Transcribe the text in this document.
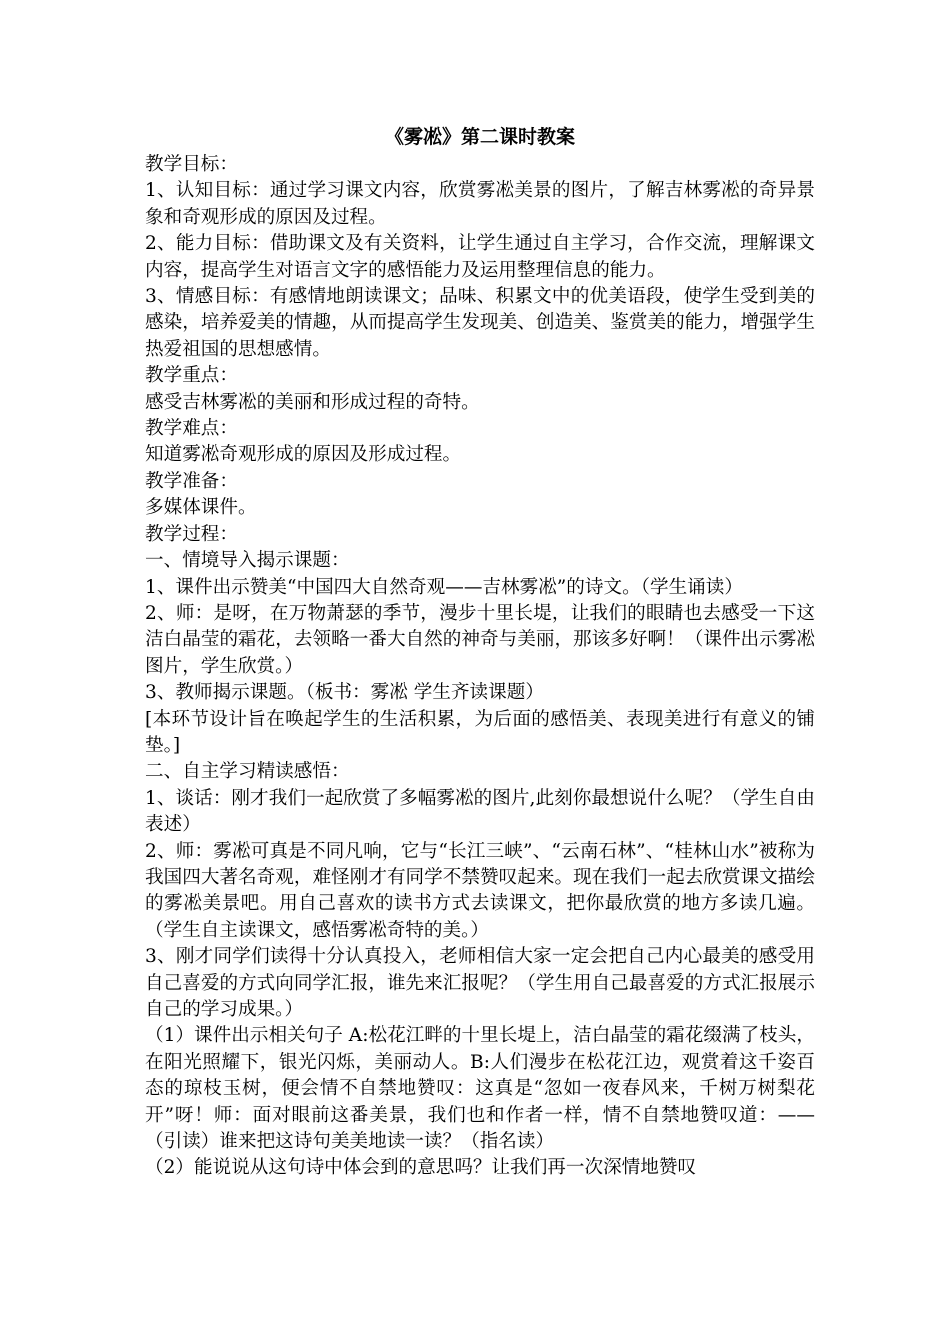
《雾凇》第二课时教案

教学目标：

1、认知目标：通过学习课文内容，欣赏雾凇美景的图片，了解吉林雾凇的奇异景象和奇观形成的原因及过程。

2、能力目标：借助课文及有关资料，让学生通过自主学习，合作交流，理解课文内容，提高学生对语言文字的感悟能力及运用整理信息的能力。

3、情感目标：有感情地朗读课文；品味、积累文中的优美语段，使学生受到美的感染，培养爱美的情趣，从而提高学生发现美、创造美、鉴赏美的能力，增强学生热爱祖国的思想感情。

教学重点：

感受吉林雾凇的美丽和形成过程的奇特。

教学难点：

知道雾凇奇观形成的原因及形成过程。

教学准备：

多媒体课件。

教学过程：

一、情境导入揭示课题：

1、课件出示赞美“中国四大自然奇观——吉林雾凇”的诗文。（学生诵读）

2、师：是呀，在万物萧瑟的季节，漫步十里长堤，让我们的眼睛也去感受一下这洁白晶莹的霜花，去领略一番大自然的神奇与美丽，那该多好啊！（课件出示雾凇图片，学生欣赏。）

3、教师揭示课题。（板书：雾凇 学生齐读课题）

[本环节设计旨在唤起学生的生活积累，为后面的感悟美、表现美进行有意义的铺垫。]

二、自主学习精读感悟：

1、谈话：刚才我们一起欣赏了多幅雾凇的图片,此刻你最想说什么呢？（学生自由表述）

2、师：雾凇可真是不同凡响，它与“长江三峡”、“云南石林”、“桂林山水”被称为我国四大著名奇观，难怪刚才有同学不禁赞叹起来。现在我们一起去欣赏课文描绘的雾凇美景吧。用自己喜欢的读书方式去读课文，把你最欣赏的地方多读几遍。（学生自主读课文，感悟雾凇奇特的美。）

3、刚才同学们读得十分认真投入，老师相信大家一定会把自己内心最美的感受用自己喜爱的方式向同学汇报，谁先来汇报呢？（学生用自己最喜爱的方式汇报展示自己的学习成果。）

（1）课件出示相关句子 A:松花江畔的十里长堤上，洁白晶莹的霜花缀满了枝头，在阳光照耀下，银光闪烁，美丽动人。B:人们漫步在松花江边，观赏着这千姿百态的琼枝玉树，便会情不自禁地赞叹：这真是“忽如一夜春风来，千树万树梨花开”呀！师：面对眼前这番美景，我们也和作者一样，情不自禁地赞叹道：——（引读）谁来把这诗句美美地读一读？（指名读）

（2）能说说从这句诗中体会到的意思吗？让我们再一次深情地赞叹
